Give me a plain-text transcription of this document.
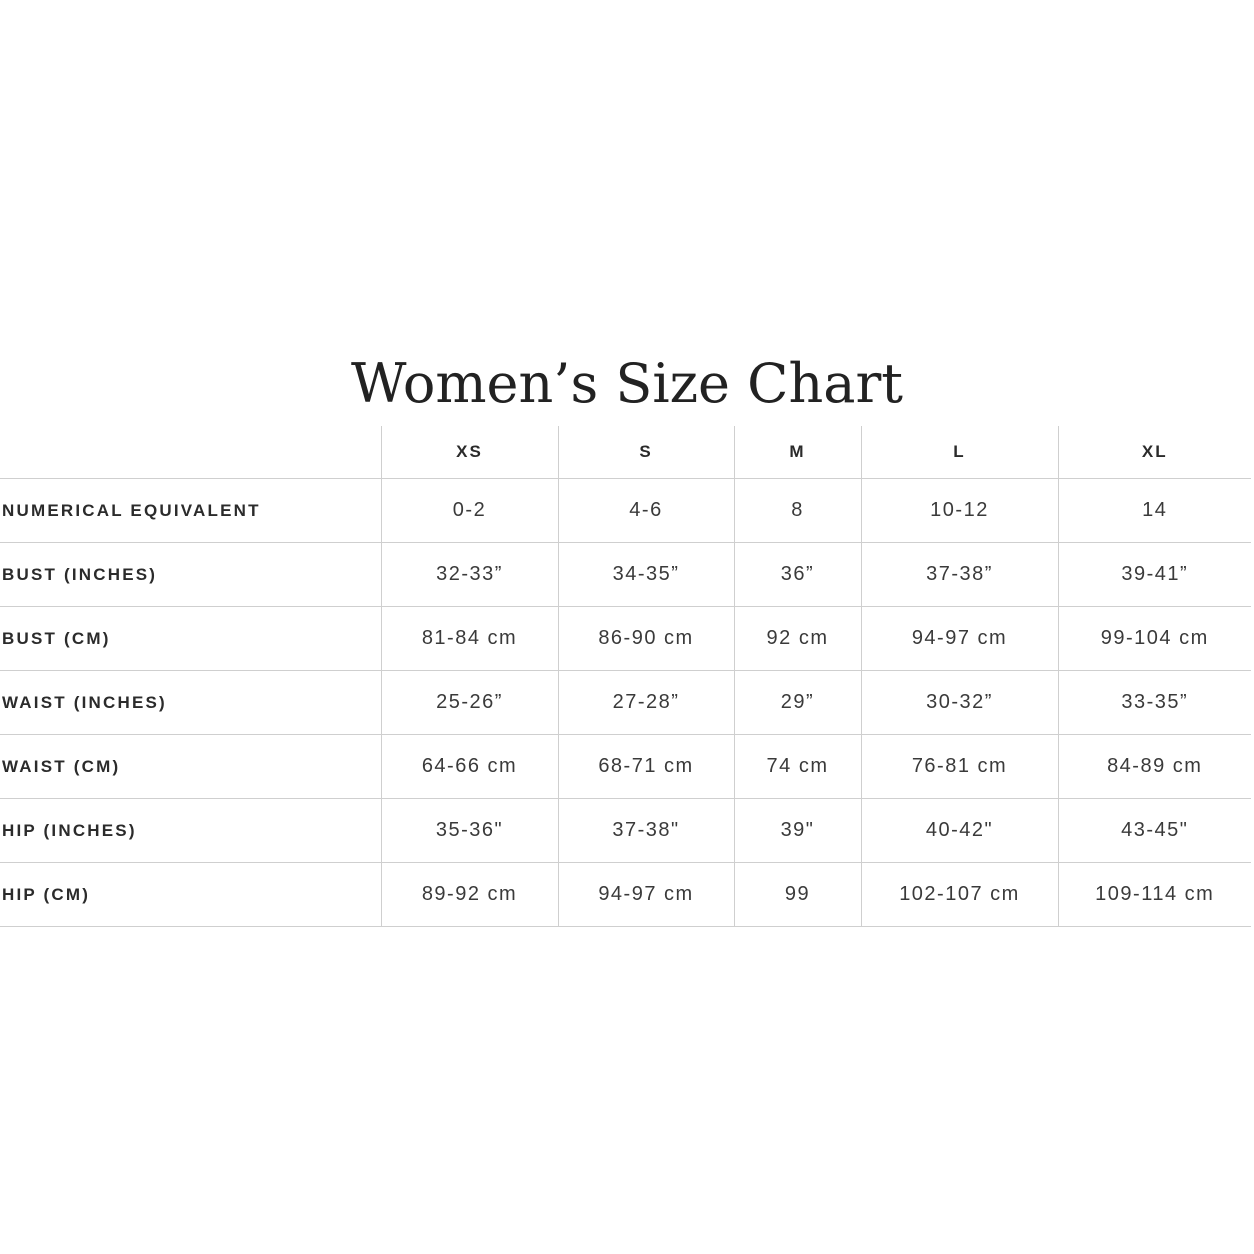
Women’s Size Chart
	XS	S	M	L	XL
NUMERICAL EQUIVALENT	0-2	4-6	8	10-12	14
BUST (INCHES)	32-33”	34-35”	36”	37-38”	39-41”
BUST (CM)	81-84 cm	86-90 cm	92 cm	94-97 cm	99-104 cm
WAIST (INCHES)	25-26”	27-28”	29”	30-32”	33-35”
WAIST (CM)	64-66 cm	68-71 cm	74 cm	76-81 cm	84-89 cm
HIP (INCHES)	35-36"	37-38"	39"	40-42"	43-45"
HIP (CM)	89-92 cm	94-97 cm	99	102-107 cm	109-114 cm
